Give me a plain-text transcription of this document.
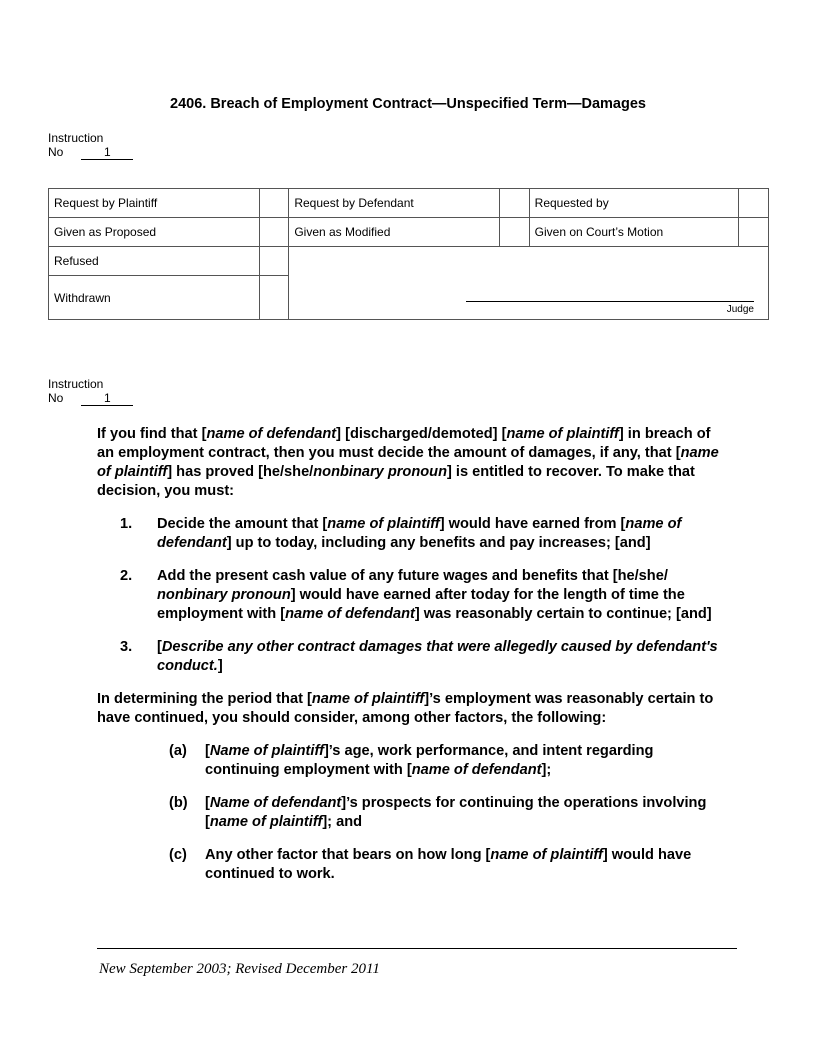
2406. Breach of Employment Contract—Unspecified Term—Damages
Instruction
No	1
Request by Plaintiff		Request by Defendant		Requested by	
Given as Proposed		Given as Modified		Given on Court’s Motion	
Refused		Judge			

Withdrawn					
Instruction
No	1

If you find that [name of defendant] [discharged/demoted] [name of plaintiff] in breach of an employment contract, then you must decide the amount of damages, if any, that [name of plaintiff] has proved [he/she/nonbinary pronoun] is entitled to recover. To make that decision, you must:

1.	Decide the amount that [name of plaintiff] would have earned from [name of defendant] up to today, including any benefits and pay increases; [and]
2.	Add the present cash value of any future wages and benefits that [he/she/ nonbinary pronoun] would have earned after today for the length of time the employment with [name of defendant] was reasonably certain to continue; [and]
3.	[Describe any other contract damages that were allegedly caused by defendant's conduct.]

In determining the period that [name of plaintiff]’s employment was reasonably certain to have continued, you should consider, among other factors, the following:

(a)	[Name of plaintiff]’s age, work performance, and intent regarding continuing employment with [name of defendant];
(b)	[Name of defendant]’s prospects for continuing the operations involving [name of plaintiff]; and
(c)	Any other factor that bears on how long [name of plaintiff] would have continued to work.
New September 2003; Revised December 2011
